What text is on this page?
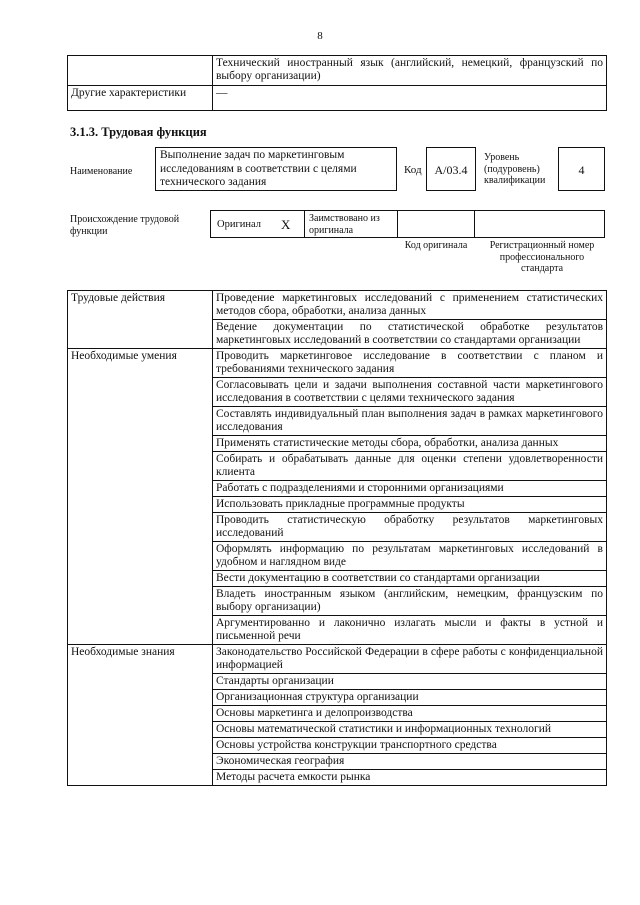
8
	Технический иностранный язык (английский, немецкий, французский по выбору организации)
Другие характеристики	—
3.1.3. Трудовая функция
Наименование
Выполнение задач по маркетинговым исследованиям в соответствии с целями технического задания
Код	А/03.4
Уровень (подуровень) квалификации
4
Происхождение трудовой функции
Оригинал X	Заимствовано из оригинала
Код оригинала	Регистрационный номер профессионального стандарта
Трудовые действия	Проведение маркетинговых исследований с применением статистических методов сбора, обработки, анализа данных
	Ведение документации по статистической обработке результатов маркетинговых исследований в соответствии со стандартами организации
Необходимые умения	Проводить маркетинговое исследование в соответствии с планом и требованиями технического задания
	Согласовывать цели и задачи выполнения составной части маркетингового исследования в соответствии с целями технического задания
	Составлять индивидуальный план выполнения задач в рамках маркетингового исследования
	Применять статистические методы сбора, обработки, анализа данных
	Собирать и обрабатывать данные для оценки степени удовлетворенности клиента
	Работать с подразделениями и сторонними организациями
	Использовать прикладные программные продукты
	Проводить статистическую обработку результатов маркетинговых исследований
	Оформлять информацию по результатам маркетинговых исследований в удобном и наглядном виде
	Вести документацию в соответствии со стандартами организации
	Владеть иностранным языком (английским, немецким, французским по выбору организации)
	Аргументированно и лаконично излагать мысли и факты в устной и письменной речи
Необходимые знания	Законодательство Российской Федерации в сфере работы с конфиденциальной информацией
	Стандарты организации
	Организационная структура организации
	Основы маркетинга и делопроизводства
	Основы математической статистики и информационных технологий
	Основы устройства конструкции транспортного средства
	Экономическая география
	Методы расчета емкости рынка
